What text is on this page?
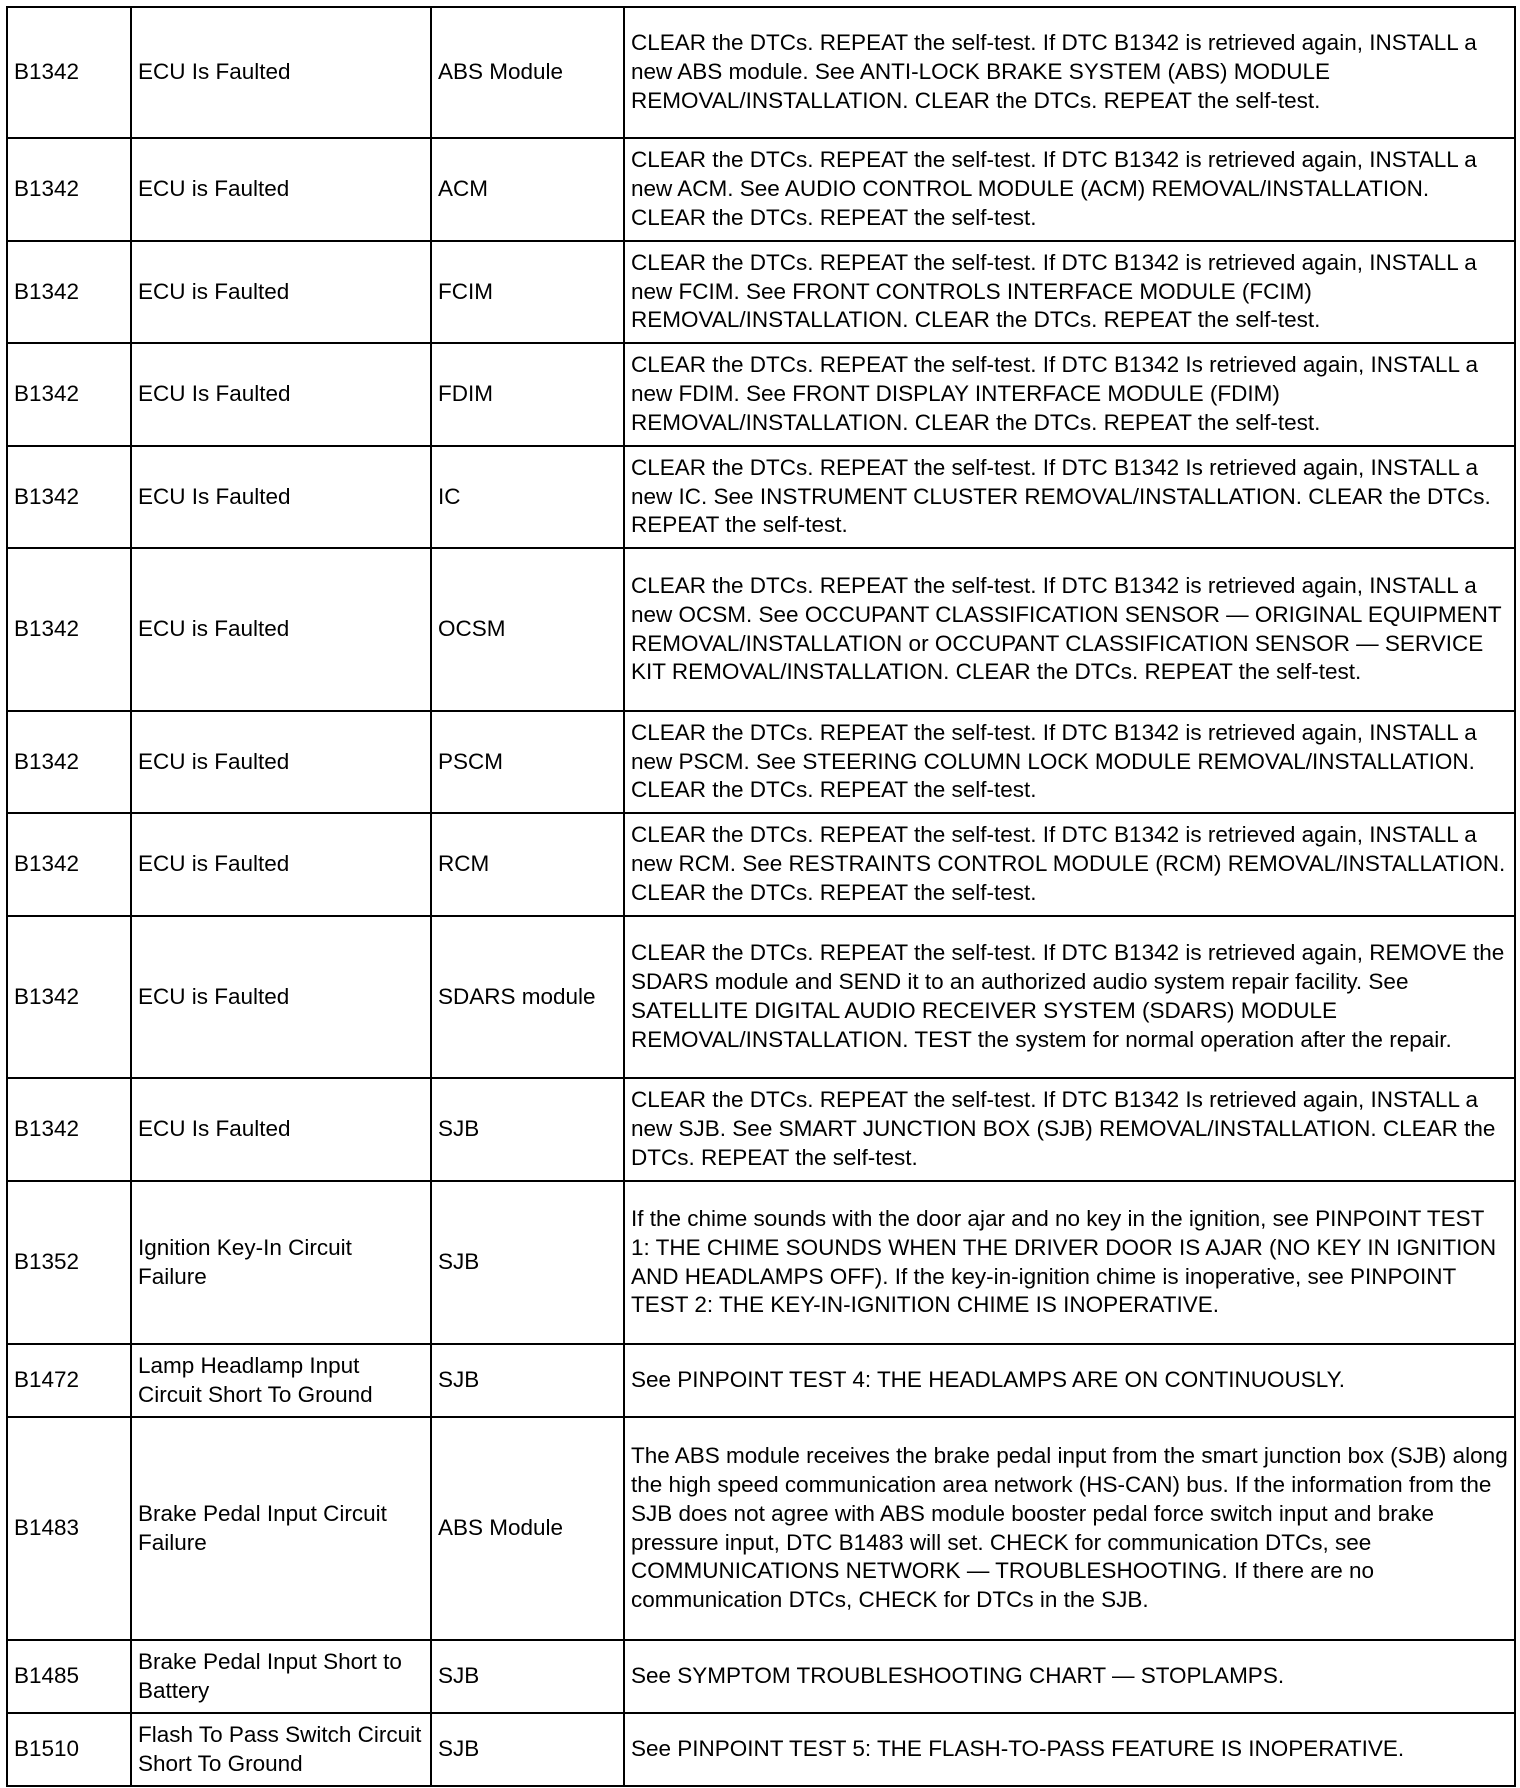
B1342	ECU Is Faulted	ABS Module	CLEAR the DTCs. REPEAT the self-test. If DTC B1342 is retrieved again, INSTALL a new ABS module. See ANTI-LOCK BRAKE SYSTEM (ABS) MODULE REMOVAL/INSTALLATION. CLEAR the DTCs. REPEAT the self-test.
B1342	ECU is Faulted	ACM	CLEAR the DTCs. REPEAT the self-test. If DTC B1342 is retrieved again, INSTALL a new ACM. See AUDIO CONTROL MODULE (ACM) REMOVAL/INSTALLATION. CLEAR the DTCs. REPEAT the self-test.
B1342	ECU is Faulted	FCIM	CLEAR the DTCs. REPEAT the self-test. If DTC B1342 is retrieved again, INSTALL a new FCIM. See FRONT CONTROLS INTERFACE MODULE (FCIM) REMOVAL/INSTALLATION. CLEAR the DTCs. REPEAT the self-test.
B1342	ECU Is Faulted	FDIM	CLEAR the DTCs. REPEAT the self-test. If DTC B1342 Is retrieved again, INSTALL a new FDIM. See FRONT DISPLAY INTERFACE MODULE (FDIM) REMOVAL/INSTALLATION. CLEAR the DTCs. REPEAT the self-test.
B1342	ECU Is Faulted	IC	CLEAR the DTCs. REPEAT the self-test. If DTC B1342 Is retrieved again, INSTALL a new IC. See INSTRUMENT CLUSTER REMOVAL/INSTALLATION. CLEAR the DTCs. REPEAT the self-test.
B1342	ECU is Faulted	OCSM	CLEAR the DTCs. REPEAT the self-test. If DTC B1342 is retrieved again, INSTALL a new OCSM. See OCCUPANT CLASSIFICATION SENSOR — ORIGINAL EQUIPMENT REMOVAL/INSTALLATION or OCCUPANT CLASSIFICATION SENSOR — SERVICE KIT REMOVAL/INSTALLATION. CLEAR the DTCs. REPEAT the self-test.
B1342	ECU is Faulted	PSCM	CLEAR the DTCs. REPEAT the self-test. If DTC B1342 is retrieved again, INSTALL a new PSCM. See STEERING COLUMN LOCK MODULE REMOVAL/INSTALLATION. CLEAR the DTCs. REPEAT the self-test.
B1342	ECU is Faulted	RCM	CLEAR the DTCs. REPEAT the self-test. If DTC B1342 is retrieved again, INSTALL a new RCM. See RESTRAINTS CONTROL MODULE (RCM) REMOVAL/INSTALLATION. CLEAR the DTCs. REPEAT the self-test.
B1342	ECU is Faulted	SDARS module	CLEAR the DTCs. REPEAT the self-test. If DTC B1342 is retrieved again, REMOVE the SDARS module and SEND it to an authorized audio system repair facility. See SATELLITE DIGITAL AUDIO RECEIVER SYSTEM (SDARS) MODULE REMOVAL/INSTALLATION. TEST the system for normal operation after the repair.
B1342	ECU Is Faulted	SJB	CLEAR the DTCs. REPEAT the self-test. If DTC B1342 Is retrieved again, INSTALL a new SJB. See SMART JUNCTION BOX (SJB) REMOVAL/INSTALLATION. CLEAR the DTCs. REPEAT the self-test.
B1352	Ignition Key-In Circuit Failure	SJB	If the chime sounds with the door ajar and no key in the ignition, see PINPOINT TEST 1: THE CHIME SOUNDS WHEN THE DRIVER DOOR IS AJAR (NO KEY IN IGNITION AND HEADLAMPS OFF). If the key-in-ignition chime is inoperative, see PINPOINT TEST 2: THE KEY-IN-IGNITION CHIME IS INOPERATIVE.
B1472	Lamp Headlamp Input Circuit Short To Ground	SJB	See PINPOINT TEST 4: THE HEADLAMPS ARE ON CONTINUOUSLY.
B1483	Brake Pedal Input Circuit Failure	ABS Module	The ABS module receives the brake pedal input from the smart junction box (SJB) along the high speed communication area network (HS-CAN) bus. If the information from the SJB does not agree with ABS module booster pedal force switch input and brake pressure input, DTC B1483 will set. CHECK for communication DTCs, see COMMUNICATIONS NETWORK — TROUBLESHOOTING. If there are no communication DTCs, CHECK for DTCs in the SJB.
B1485	Brake Pedal Input Short to Battery	SJB	See SYMPTOM TROUBLESHOOTING CHART — STOPLAMPS.
B1510	Flash To Pass Switch Circuit Short To Ground	SJB	See PINPOINT TEST 5: THE FLASH-TO-PASS FEATURE IS INOPERATIVE.
